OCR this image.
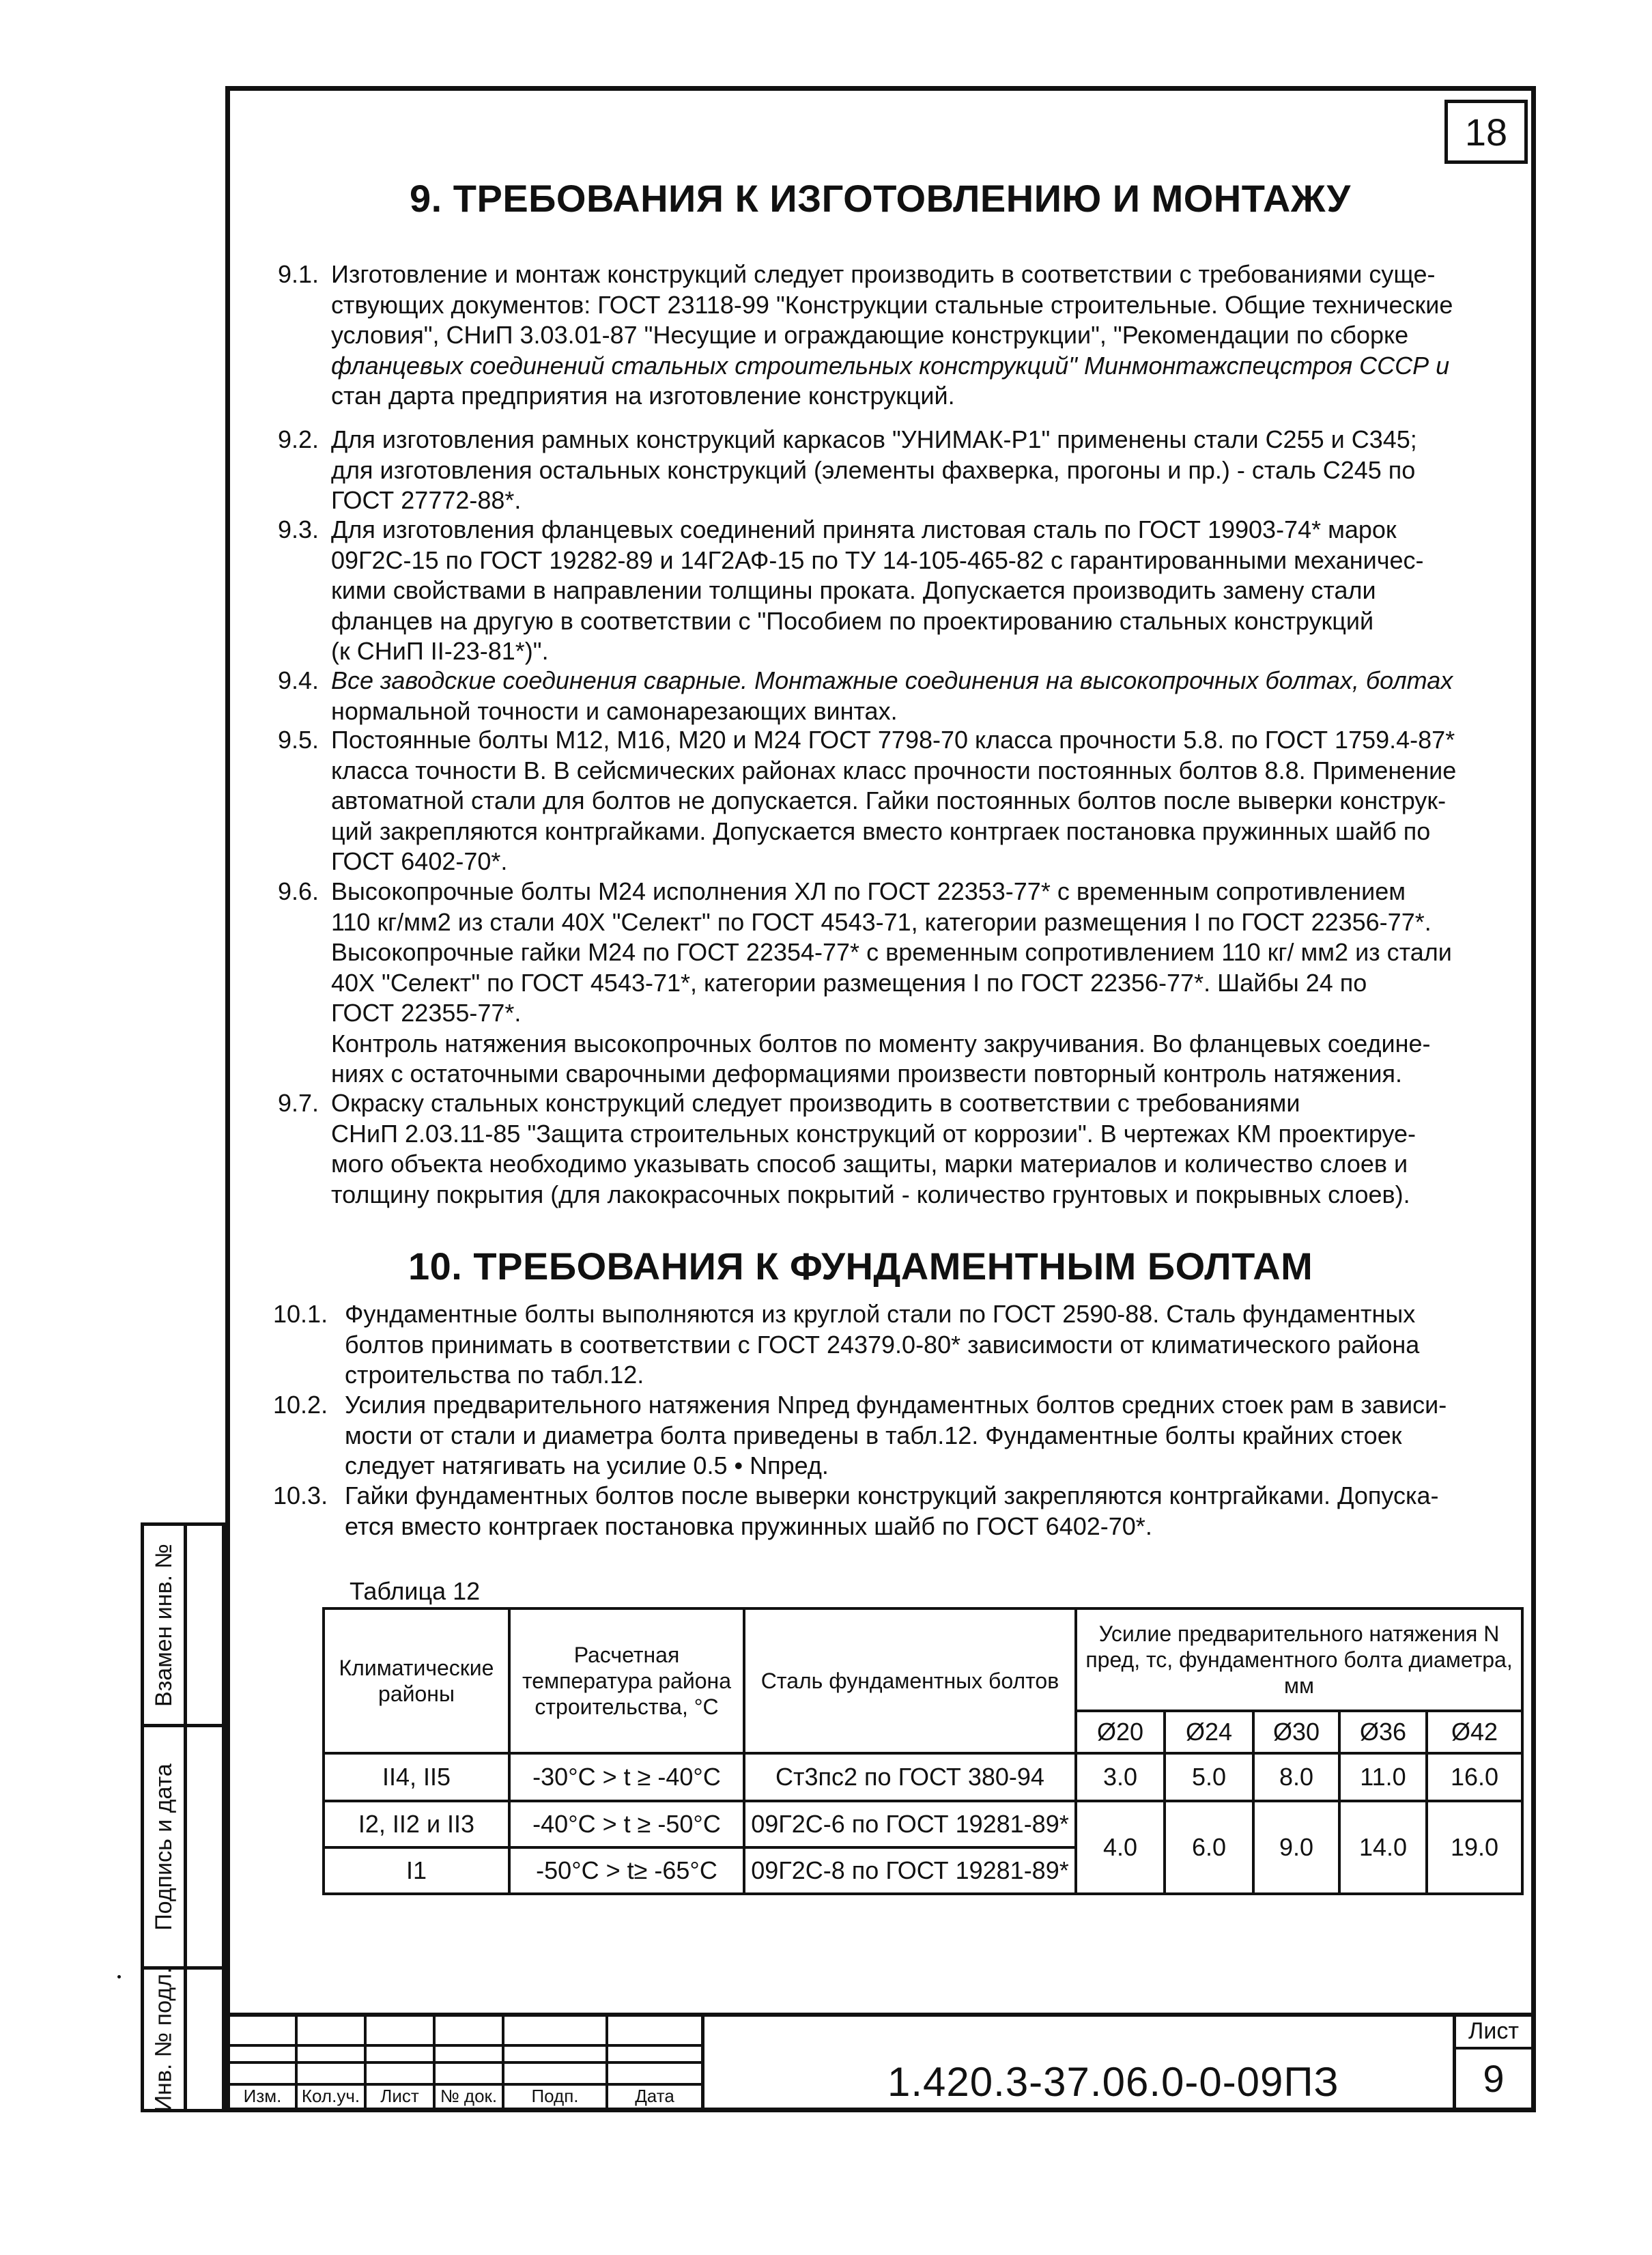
18
9. ТРЕБОВАНИЯ К ИЗГОТОВЛЕНИЮ И МОНТАЖУ
9.1. Изготовление и монтаж конструкций следует производить в соответствии с требованиями суще-
ствующих документов: ГОСТ 23118-99 "Конструкции стальные строительные. Общие технические
условия", СНиП 3.03.01-87 "Несущие и ограждающие конструкции", "Рекомендации по сборке
фланцевых соединений стальных строительных конструкций" Минмонтажспецстроя СССР и
стан дарта предприятия на изготовление конструкций.
9.2. Для изготовления рамных конструкций каркасов "УНИМАК-Р1" применены стали С255 и С345;
для изготовления остальных конструкций (элементы фахверка, прогоны и пр.) - сталь С245 по
ГОСТ 27772-88*.
9.3. Для изготовления фланцевых соединений принята листовая сталь по ГОСТ 19903-74* марок
09Г2С-15 по ГОСТ 19282-89 и 14Г2АФ-15 по ТУ 14-105-465-82 с гарантированными механичес-
кими свойствами в направлении толщины проката. Допускается производить замену стали
фланцев на другую в соответствии с "Пособием по проектированию стальных конструкций
(к СНиП II-23-81*)".
9.4. Все заводские соединения сварные. Монтажные соединения на высокопрочных болтах, болтах
нормальной точности и самонарезающих винтах.
9.5. Постоянные болты М12, М16, М20 и М24 ГОСТ 7798-70 класса прочности 5.8. по ГОСТ 1759.4-87*
класса точности В. В сейсмических районах класс прочности постоянных болтов 8.8. Применение
автоматной стали для болтов не допускается. Гайки постоянных болтов после выверки конструк-
ций закрепляются контргайками. Допускается вместо контргаек постановка пружинных шайб по
ГОСТ 6402-70*.
9.6. Высокопрочные болты М24 исполнения ХЛ по ГОСТ 22353-77* с временным сопротивлением
110 кг/мм2 из стали 40Х "Селект" по ГОСТ 4543-71, категории размещения I по ГОСТ 22356-77*.
Высокопрочные гайки М24 по ГОСТ 22354-77* с временным сопротивлением 110 кг/ мм2 из стали
40Х "Селект" по ГОСТ 4543-71*, категории размещения I по ГОСТ 22356-77*. Шайбы 24 по
ГОСТ 22355-77*.
Контроль натяжения высокопрочных болтов по моменту закручивания. Во фланцевых соедине-
ниях с остаточными сварочными деформациями произвести повторный контроль натяжения.
9.7. Окраску стальных конструкций следует производить в соответствии с требованиями
СНиП 2.03.11-85 "Защита строительных конструкций от коррозии". В чертежах КМ проектируе-
мого объекта необходимо указывать способ защиты, марки материалов и количество слоев и
толщину покрытия (для лакокрасочных покрытий - количество грунтовых и покрывных слоев).
10. ТРЕБОВАНИЯ К ФУНДАМЕНТНЫМ БОЛТАМ
10.1. Фундаментные болты выполняются из круглой стали по ГОСТ 2590-88. Сталь фундаментных
болтов принимать в соответствии с ГОСТ 24379.0-80* зависимости от климатического района
строительства по табл.12.
10.2. Усилия предварительного натяжения Nпред фундаментных болтов средних стоек рам в зависи-
мости от стали и диаметра болта приведены в табл.12. Фундаментные болты крайних стоек
следует натягивать на усилие 0.5 • Nпред.
10.3. Гайки фундаментных болтов после выверки конструкций закрепляются контргайками. Допуска-
ется вместо контргаек постановка пружинных шайб по ГОСТ 6402-70*.
Таблица 12
Климатические районы	Расчетная температура района строительства, °С	Сталь фундаментных болтов	Усилие предварительного натяжения N пред, тс, фундаментного болта диаметра, мм				
			Ø20	Ø24	Ø30	Ø36	Ø42
II4, II5	-30°С > t ≥ -40°С	Ст3пс2 по ГОСТ 380-94	3.0	5.0	8.0	11.0	16.0
I2, II2 и II3	-40°С > t ≥ -50°С	09Г2С-6 по ГОСТ 19281-89*	4.0	6.0	9.0	14.0	19.0
I1	-50°С > t≥ -65°С	09Г2С-8 по ГОСТ 19281-89*					
Взамен инв. №
Подпись и дата
Инв. № подл.	Изм.	Кол.уч.	Лист	№ док.	Подп.	Дата	1.420.3-37.06.0-0-09ПЗ
Лист
9
